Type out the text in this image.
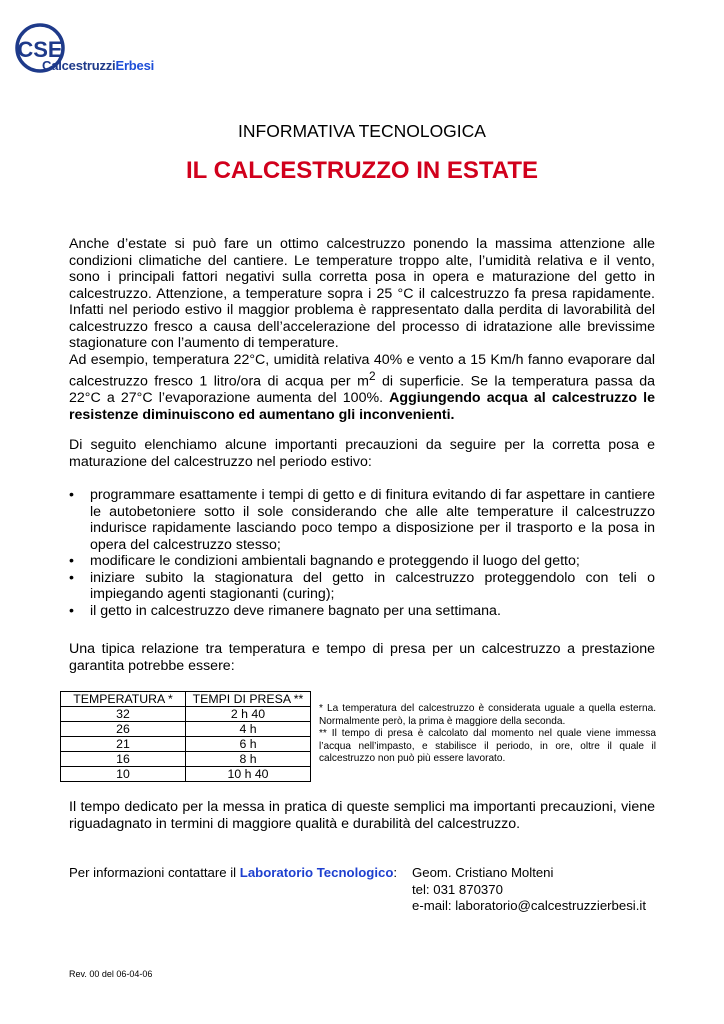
CSE
CalcestruzziErbesi
INFORMATIVA TECNOLOGICA
IL CALCESTRUZZO IN ESTATE
Anche d’estate si può fare un ottimo calcestruzzo ponendo la massima attenzione alle condizioni climatiche del cantiere. Le temperature troppo alte, l’umidità relativa e il vento, sono i principali fattori negativi sulla corretta posa in opera e maturazione del getto in calcestruzzo. Attenzione, a temperature sopra i 25 °C il calcestruzzo fa presa rapidamente. Infatti nel periodo estivo il maggior problema è rappresentato dalla perdita di lavorabilità del calcestruzzo fresco a causa dell’accelerazione del processo di idratazione alle brevissime stagionature con l’aumento di temperature.
Ad esempio, temperatura 22°C, umidità relativa 40% e vento a 15 Km/h fanno evaporare dal calcestruzzo fresco 1 litro/ora di acqua per $m^2$ di superficie. Se la temperatura passa da 22°C a 27°C l’evaporazione aumenta del 100%. Aggiungendo acqua al calcestruzzo le resistenze diminuiscono ed aumentano gli inconvenienti.
Di seguito elenchiamo alcune importanti precauzioni da seguire per la corretta posa e maturazione del calcestruzzo nel periodo estivo:
• programmare esattamente i tempi di getto e di finitura evitando di far aspettare in cantiere le autobetoniere sotto il sole considerando che alle alte temperature il calcestruzzo indurisce rapidamente lasciando poco tempo a disposizione per il trasporto e la posa in opera del calcestruzzo stesso;
• modificare le condizioni ambientali bagnando e proteggendo il luogo del getto;
• iniziare subito la stagionatura del getto in calcestruzzo proteggendolo con teli o impiegando agenti stagionanti (curing);
• il getto in calcestruzzo deve rimanere bagnato per una settimana.
Una tipica relazione tra temperatura e tempo di presa per un calcestruzzo a prestazione garantita potrebbe essere:
TEMPERATURA *	TEMPI DI PRESA **
32	2 h 40
26	4 h
21	6 h
16	8 h
10	10 h 40
* La temperatura del calcestruzzo è considerata uguale a quella esterna. Normalmente però, la prima è maggiore della seconda.
** Il tempo di presa è calcolato dal momento nel quale viene immessa l’acqua nell’impasto, e stabilisce il periodo, in ore, oltre il quale il calcestruzzo non può più essere lavorato.
Il tempo dedicato per la messa in pratica di queste semplici ma importanti precauzioni, viene riguadagnato in termini di maggiore qualità e durabilità del calcestruzzo.
Per informazioni contattare il Laboratorio Tecnologico: Geom. Cristiano Molteni
tel: 031 870370
e-mail: laboratorio@calcestruzzierbesi.it
Rev. 00 del 06-04-06
